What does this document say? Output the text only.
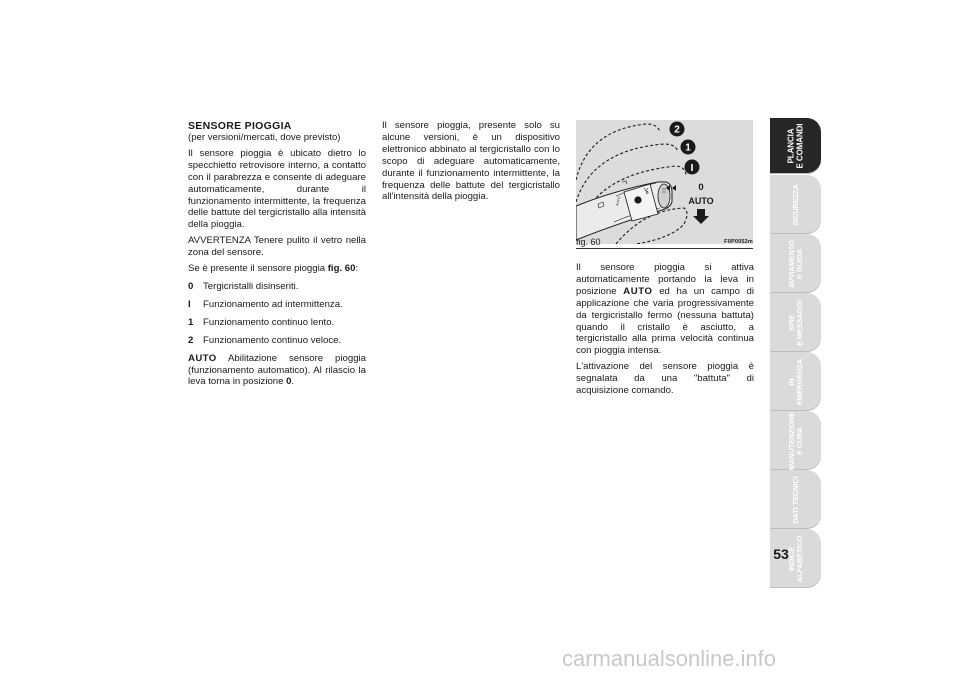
SENSORE PIOGGIA
(per versioni/mercati, dove previsto)
Il sensore pioggia è ubicato dietro lo specchietto retrovisore interno, a contatto con il parabrezza e consente di adeguare automaticamente, durante il funzionamento intermittente, la frequenza delle battute del tergicristallo alla intensità della pioggia.
AVVERTENZA Tenere pulito il vetro nella zona del sensore.
Se è presente il sensore pioggia fig. 60:
0	Tergicristalli disinseriti.
I	Funzionamento ad intermittenza.
1	Funzionamento continuo lento.
2	Funzionamento continuo veloce.
AUTO Abilitazione sensore pioggia (funzionamento automatico). Al rilascio la leva torna in posizione 0.
Il sensore pioggia, presente solo su alcune versioni, è un dispositivo elettronico abbinato al tergicristallo con lo scopo di adeguare automaticamente, durante il funzionamento intermittente, la frequenza delle battute del tergicristallo all'intensità della pioggia.	0
AUTO
2
1
I
0
AUTO
fig. 60	F0P0052m
Il sensore pioggia si attiva automaticamente portando la leva in posizione AUTO ed ha un campo di applicazione che varia progressivamente da tergicristallo fermo (nessuna battuta) quando il cristallo è asciutto, a tergicristallo alla prima velocità continua con pioggia intensa.
L'attivazione del sensore pioggia è segnalata da una "battuta" di acquisizione comando.
PLANCIA
E COMANDI
SICUREZZA
AVVIAMENTO
E GUIDA
SPIE
E MESSAGGI
IN
EMERGENZA
MANUTENZIONE
E CURA
DATI TECNICI
INDICE
ALFABETICO
53
carmanualsonline.info
